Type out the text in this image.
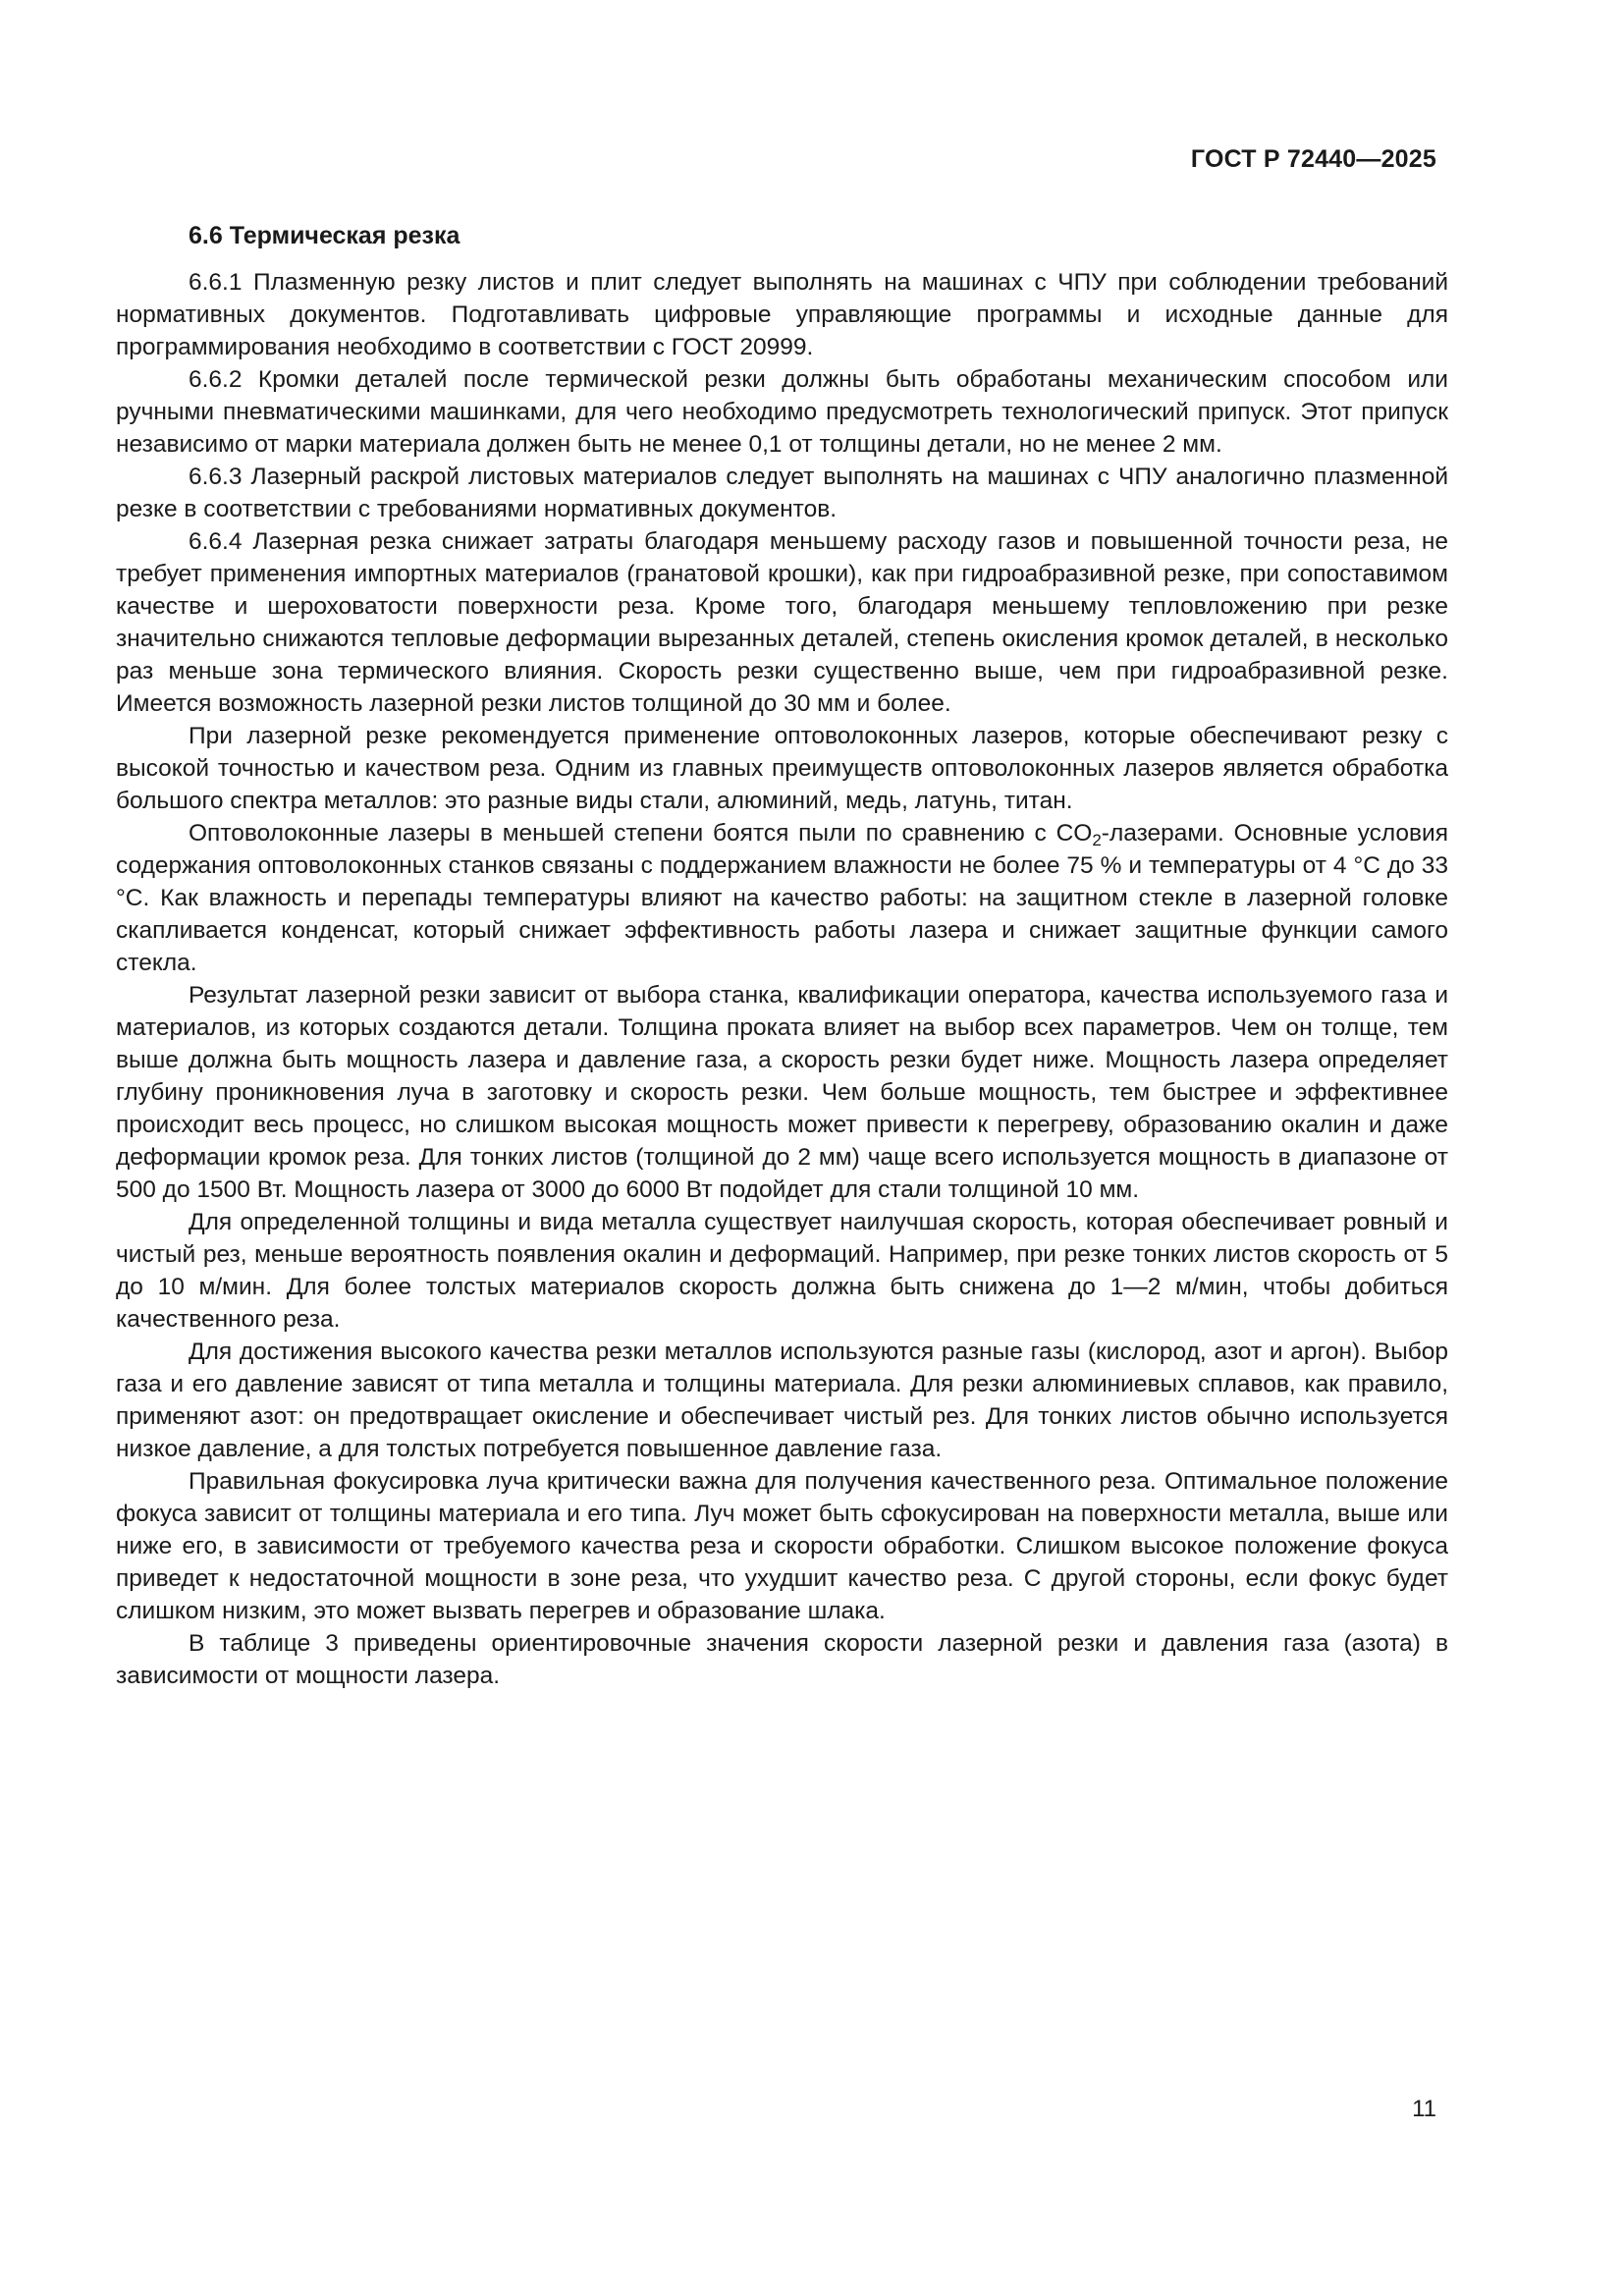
ГОСТ Р 72440—2025
6.6 Термическая резка

6.6.1 Плазменную резку листов и плит следует выполнять на машинах с ЧПУ при соблюдении требований нормативных документов. Подготавливать цифровые управляющие программы и исходные данные для программирования необходимо в соответствии с ГОСТ 20999.

6.6.2 Кромки деталей после термической резки должны быть обработаны механическим способом или ручными пневматическими машинками, для чего необходимо предусмотреть технологический припуск. Этот припуск независимо от марки материала должен быть не менее 0,1 от толщины детали, но не менее 2 мм.

6.6.3 Лазерный раскрой листовых материалов следует выполнять на машинах с ЧПУ аналогично плазменной резке в соответствии с требованиями нормативных документов.

6.6.4 Лазерная резка снижает затраты благодаря меньшему расходу газов и повышенной точности реза, не требует применения импортных материалов (гранатовой крошки), как при гидроабразивной резке, при сопоставимом качестве и шероховатости поверхности реза. Кроме того, благодаря меньшему тепловложению при резке значительно снижаются тепловые деформации вырезанных деталей, степень окисления кромок деталей, в несколько раз меньше зона термического влияния. Скорость резки существенно выше, чем при гидроабразивной резке. Имеется возможность лазерной резки листов толщиной до 30 мм и более.

При лазерной резке рекомендуется применение оптоволоконных лазеров, которые обеспечивают резку с высокой точностью и качеством реза. Одним из главных преимуществ оптоволоконных лазеров является обработка большого спектра металлов: это разные виды стали, алюминий, медь, латунь, титан.

Оптоволоконные лазеры в меньшей степени боятся пыли по сравнению с $CO_2$-лазерами. Основные условия содержания оптоволоконных станков связаны с поддержанием влажности не более 75 % и температуры от 4 °C до 33 °C. Как влажность и перепады температуры влияют на качество работы: на защитном стекле в лазерной головке скапливается конденсат, который снижает эффективность работы лазера и снижает защитные функции самого стекла.

Результат лазерной резки зависит от выбора станка, квалификации оператора, качества используемого газа и материалов, из которых создаются детали. Толщина проката влияет на выбор всех параметров. Чем он толще, тем выше должна быть мощность лазера и давление газа, а скорость резки будет ниже. Мощность лазера определяет глубину проникновения луча в заготовку и скорость резки. Чем больше мощность, тем быстрее и эффективнее происходит весь процесс, но слишком высокая мощность может привести к перегреву, образованию окалин и даже деформации кромок реза. Для тонких листов (толщиной до 2 мм) чаще всего используется мощность в диапазоне от 500 до 1500 Вт. Мощность лазера от 3000 до 6000 Вт подойдет для стали толщиной 10 мм.

Для определенной толщины и вида металла существует наилучшая скорость, которая обеспечивает ровный и чистый рез, меньше вероятность появления окалин и деформаций. Например, при резке тонких листов скорость от 5 до 10 м/мин. Для более толстых материалов скорость должна быть снижена до 1—2 м/мин, чтобы добиться качественного реза.

Для достижения высокого качества резки металлов используются разные газы (кислород, азот и аргон). Выбор газа и его давление зависят от типа металла и толщины материала. Для резки алюминиевых сплавов, как правило, применяют азот: он предотвращает окисление и обеспечивает чистый рез. Для тонких листов обычно используется низкое давление, а для толстых потребуется повышенное давление газа.

Правильная фокусировка луча критически важна для получения качественного реза. Оптимальное положение фокуса зависит от толщины материала и его типа. Луч может быть сфокусирован на поверхности металла, выше или ниже его, в зависимости от требуемого качества реза и скорости обработки. Слишком высокое положение фокуса приведет к недостаточной мощности в зоне реза, что ухудшит качество реза. С другой стороны, если фокус будет слишком низким, это может вызвать перегрев и образование шлака.

В таблице 3 приведены ориентировочные значения скорости лазерной резки и давления газа (азота) в зависимости от мощности лазера.

11
